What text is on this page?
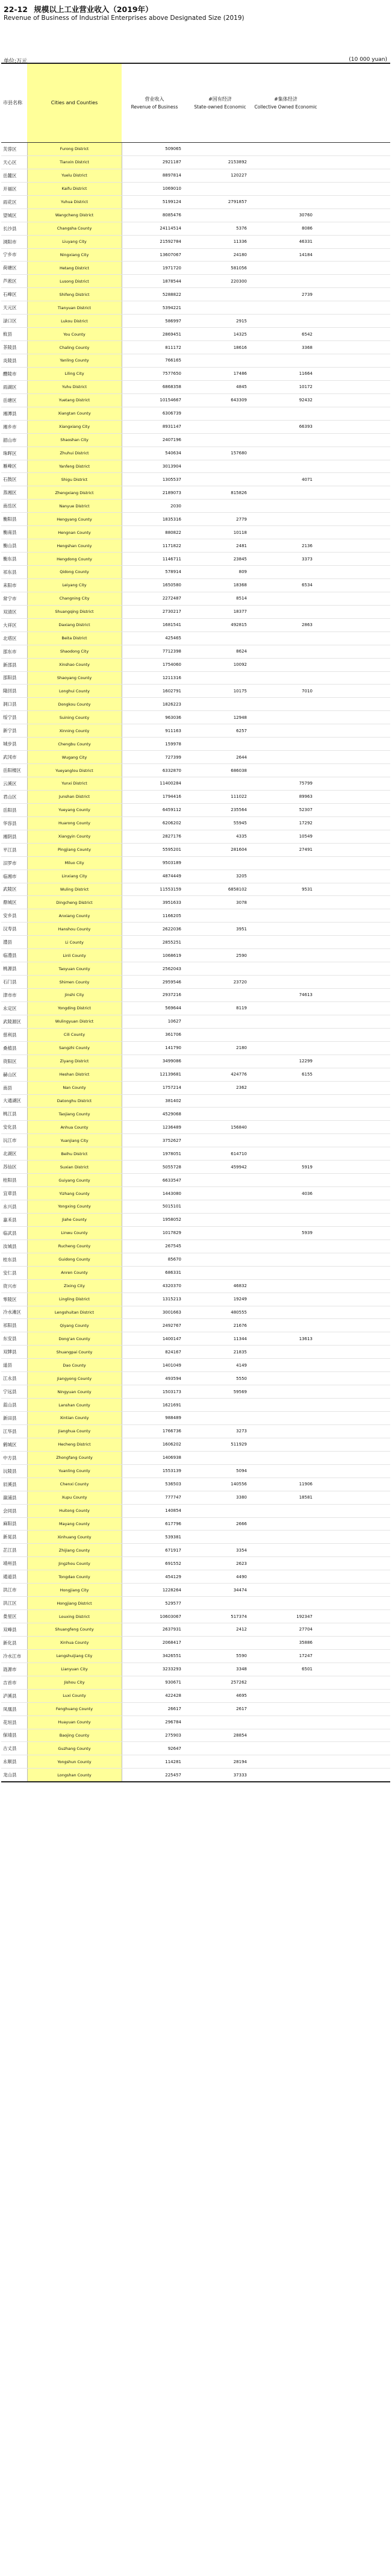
22-12 规模以上工业营业收入（2019年）
Revenue of Business of Industrial Enterprises above Designated Size (2019)
单位:万元	(10 000 yuan)
市县名称	Cities and Counties	营业收入
Revenue of Business	#国有经济
State-owned Economic	#集体经济
Collective Owned Economic	

芙蓉区	Furong District	509065			
天心区	Tianxin District	2921187	2153892		
岳麓区	Yuelu District	8897814	120227		
开福区	Kaifu District	1069010			
雨花区	Yuhua District	5199124	2791857		
望城区	Wangcheng District	8085476		30760	
长沙县	Changsha County	24114514	5376	8086	
浏阳市	Liuyang City	21592784	11336	46331	
宁乡市	Ningxiang City	13607067	24180	14184	
荷塘区	Hetang District	1971720	581056		
芦淞区	Lusong District	1878544	220300		
石峰区	Shifeng District	5288822		2739	
天元区	Tianyuan District	5394221			
渌口区	Lukou District	586997	2915		
攸县	You County	2869451	14325	6542	
茶陵县	Chaling County	811172	18616	3368	
炎陵县	Yanling County	766165			
醴陵市	Liling City	7577650	17486	11664	
雨湖区	Yuhu District	6868358	4845	10172	
岳塘区	Yuetang District	10154667	643309	92432	
湘潭县	Xiangtan County	6306739			
湘乡市	Xiangxiang City	8931147		66393	
韶山市	Shaoshan City	2407196			
珠晖区	Zhuhui District	540634	157680		
雁峰区	Yanfeng District	3013904			
石鼓区	Shigu District	1305537		4071	
蒸湘区	Zhengxiang District	2189073	815826		
南岳区	Nanyue District	2030			
衡阳县	Hengyang County	1835316	2779		
衡南县	Hengnan County	880822	10118		
衡山县	Hengshan County	1171822	2481	2136	
衡东县	Hengdong County	1146711	23845	3373	
祁东县	Qidong County	578914	809		
耒阳市	Leiyang City	1650580	18368	6534	
常宁市	Changning City	2272487	8514		
双清区	Shuangqing District	2730217	18377		
大祥区	Daxiang District	1681541	492815	2863	
北塔区	Beita District	425465			
邵东市	Shaodong City	7712398	8624		
新邵县	Xinshao County	1754060	10092		
邵阳县	Shaoyang County	1211316			
隆回县	Longhui County	1602791	10175	7010	
洞口县	Dongkou County	1826223			
绥宁县	Suining County	963036	12948		
新宁县	Xinning County	911163	6257		
城步县	Chengbu County	159978			
武冈市	Wugang City	727399	2644		
岳阳楼区	Yueyanglou District	6332870	686038		
云溪区	Yunxi District	11400284		75799	
君山区	Junshan District	1794416	111022	89963	
岳阳县	Yueyang County	6459112	235564	52307	
华容县	Huarong County	6206202	55945	17292	
湘阴县	Xiangyin County	2827176	4335	10549	
平江县	Pingjiang County	5595201	281604	27491	
汨罗市	Miluo City	9503189			
临湘市	Linxiang City	4874449	3205		
武陵区	Wuling District	11553159	6858102	9531	
鼎城区	Dingcheng District	3951633	3078		
安乡县	Anxiang County	1166205			
汉寿县	Hanshou County	2622036	3951		
澧县	Li County	2855251			
临澧县	Linli County	1068619	2590		
桃源县	Taoyuan County	2562043			
石门县	Shimen County	2959546	23720		
津市市	Jinshi City	2937216		74613	
永定区	Yongding District	569644	8119		
武陵源区	Wulingyuan District	10627			
慈利县	Cili County	361706			
桑植县	Sangzhi County	141790	2180		
资阳区	Ziyang District	3499086		12299	
赫山区	Heshan District	12139681	424776	6155	
南县	Nan County	1757214	2362		
大通湖区	Datonghu District	381402			
桃江县	Taojiang County	4529068			
安化县	Anhua County	1236489	156840		
沅江市	Yuanjiang City	3752627			
北湖区	Beihu District	1978051	614710		
苏仙区	Suxian District	5055728	459942	5919	
桂阳县	Guiyang County	6633547			
宜章县	Yizhang County	1443080		4036	
永兴县	Yongxing County	5015101			
嘉禾县	Jiahe County	1958052			
临武县	Linwu County	1017829		5939	
汝城县	Rucheng County	267545			
桂东县	Guidong County	85670			
安仁县	Anren County	686331			
资兴市	Zixing City	4320370	46832		
零陵区	Lingling District	1315213	19249		
冷水滩区	Lengshuitan District	3001663	480555		
祁阳县	Qiyang County	2492767	21676		
东安县	Dong'an County	1400147	11344	13613	
双牌县	Shuangpai County	824167	21835		
道县	Dao County	1401049	4149		
江永县	Jiangyong County	493594	5550		
宁远县	Ningyuan County	1503173	59569		
蓝山县	Lanshan County	1621691			
新田县	Xintian County	988489			
江华县	Jianghua County	1766736	3273		
鹤城区	Hecheng District	1606202	511929		
中方县	Zhongfang County	1406938			
沅陵县	Yuanling County	1553139	5094		
辰溪县	Chenxi County	536503	140556	11906	
溆浦县	Xupu County	777747	3380	18581	
会同县	Huitong County	140854			
麻阳县	Mayang County	617796	2666		
新晃县	Xinhuang County	539381			
芷江县	Zhijiang County	671917	3354		
靖州县	Jingzhou County	691552	2623		
通道县	Tongdao County	454129	4490		
洪江市	Hongjiang City	1228264	34474		
洪江区	Hongjiang District	529577			
娄星区	Louxing District	10603067	517374	192347	
双峰县	Shuangfeng County	2637931	2412	27704	
新化县	Xinhua County	2068417		35886	
冷水江市	Lengshuijiang City	3426551	5590	17247	
涟源市	Lianyuan City	3233293	3348	6501	
吉首市	Jishou City	930671	257262		
泸溪县	Luxi County	422428	4695		
凤凰县	Fenghuang County	26617	2617		
花垣县	Huayuan County	296784			
保靖县	Baojing County	275903	28854		
古丈县	Guzhang County	92647			
永顺县	Yongshun County	114281	28194		
龙山县	Longshan County	225457	37333		
